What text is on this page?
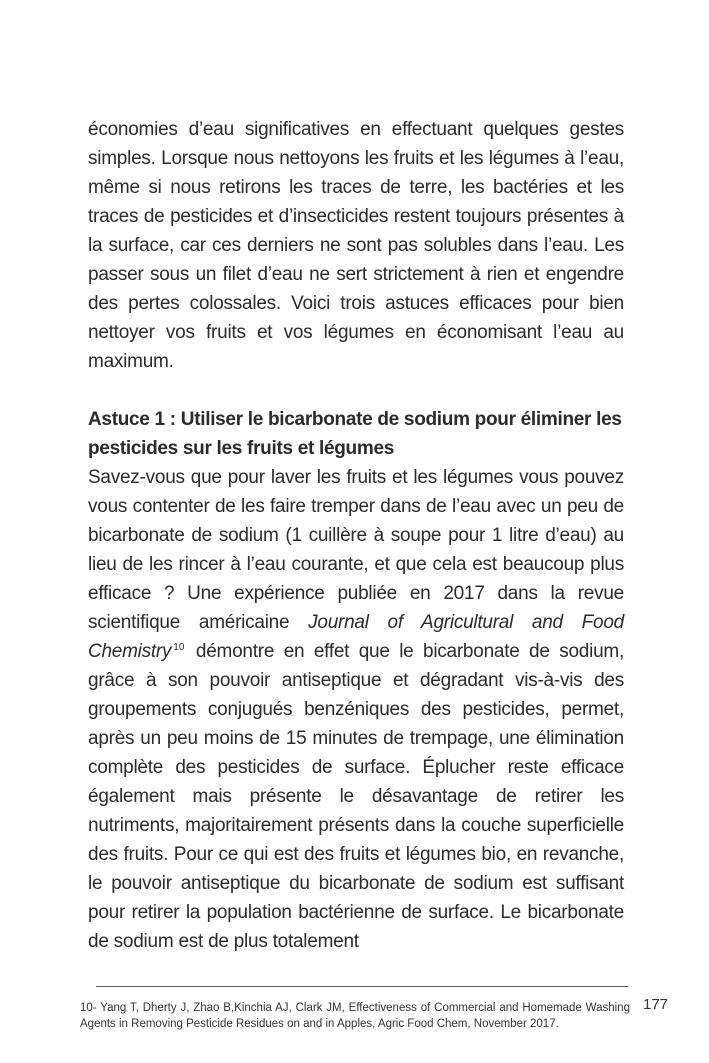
économies d’eau significatives en effectuant quelques gestes simples. Lorsque nous nettoyons les fruits et les légumes à l’eau, même si nous retirons les traces de terre, les bactéries et les traces de pesticides et d’insecticides restent toujours présentes à la surface, car ces derniers ne sont pas solubles dans l’eau. Les passer sous un filet d’eau ne sert strictement à rien et engendre des pertes colossales. Voici trois astuces efficaces pour bien nettoyer vos fruits et vos légumes en économisant l’eau au maximum.

Astuce 1 : Utiliser le bicarbonate de sodium pour éliminer les pesticides sur les fruits et légumes

Savez-vous que pour laver les fruits et les légumes vous pouvez vous contenter de les faire tremper dans de l’eau avec un peu de bicarbonate de sodium (1 cuillère à soupe pour 1 litre d’eau) au lieu de les rincer à l’eau courante, et que cela est beaucoup plus efficace ? Une expérience publiée en 2017 dans la revue scientifique américaine Journal of Agricultural and Food Chemistry $^{10}$ démontre en effet que le bicarbonate de sodium, grâce à son pouvoir antiseptique et dégradant vis-à-vis des groupements conjugués benzéniques des pesticides, permet, après un peu moins de 15 minutes de trempage, une élimination complète des pesticides de surface. Éplucher reste efficace également mais présente le désavantage de retirer les nutriments, majoritairement présents dans la couche superficielle des fruits. Pour ce qui est des fruits et légumes bio, en revanche, le pouvoir antiseptique du bicarbonate de sodium est suffisant pour retirer la population bactérienne de surface. Le bicarbonate de sodium est de plus totalement

10- Yang T, Dherty J, Zhao B,Kinchia AJ, Clark JM, Effectiveness of Commercial and Homemade Washing Agents in Removing Pesticide Residues on and in Apples, Agric Food Chem, November 2017.

177
